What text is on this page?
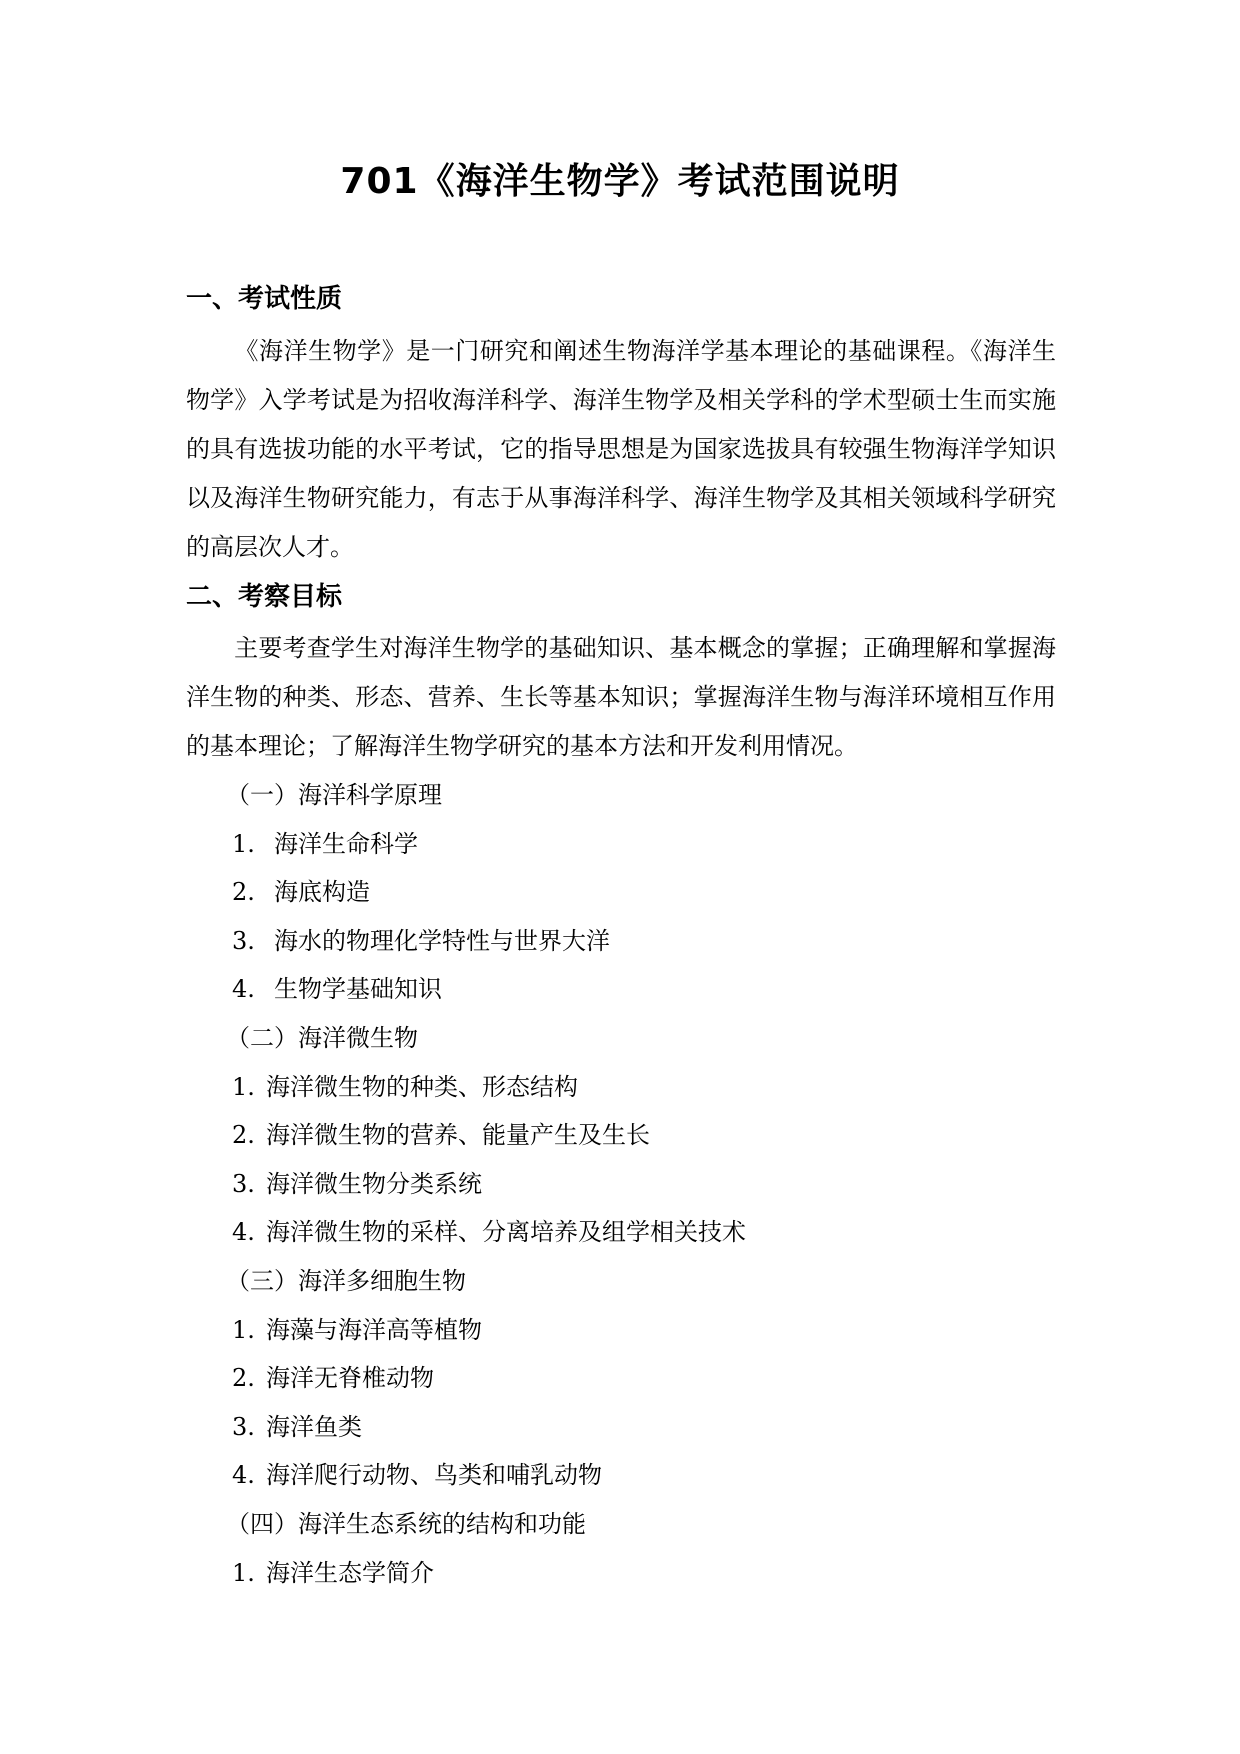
701《海洋生物学》考试范围说明
一、考试性质

《海洋生物学》是一门研究和阐述生物海洋学基本理论的基础课程。《海洋生物学》入学考试是为招收海洋科学、海洋生物学及相关学科的学术型硕士生而实施的具有选拔功能的水平考试，它的指导思想是为国家选拔具有较强生物海洋学知识以及海洋生物研究能力，有志于从事海洋科学、海洋生物学及其相关领域科学研究的高层次人才。

二、考察目标

主要考查学生对海洋生物学的基础知识、基本概念的掌握；正确理解和掌握海洋生物的种类、形态、营养、生长等基本知识；掌握海洋生物与海洋环境相互作用的基本理论；了解海洋生物学研究的基本方法和开发利用情况。

（一）海洋科学原理
1. 海洋生命科学
2. 海底构造
3. 海水的物理化学特性与世界大洋
4. 生物学基础知识
（二）海洋微生物
1. 海洋微生物的种类、形态结构
2. 海洋微生物的营养、能量产生及生长
3. 海洋微生物分类系统
4. 海洋微生物的采样、分离培养及组学相关技术
（三）海洋多细胞生物
1. 海藻与海洋高等植物
2. 海洋无脊椎动物
3. 海洋鱼类
4. 海洋爬行动物、鸟类和哺乳动物
（四）海洋生态系统的结构和功能
1. 海洋生态学简介
